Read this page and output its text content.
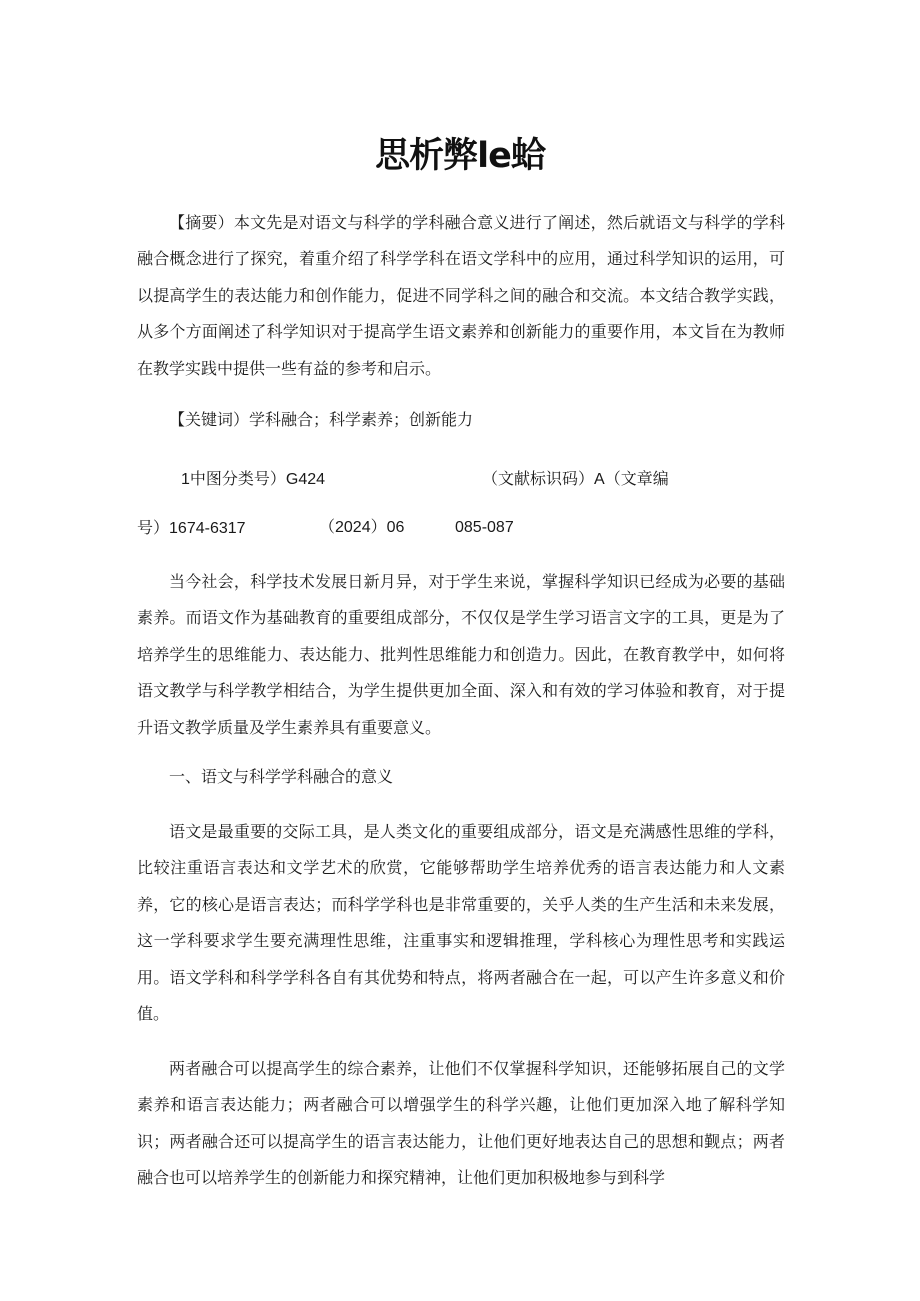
思析弊le蛤

【摘要）本文先是对语文与科学的学科融合意义进行了阐述，然后就语文与科学的学科融合概念进行了探究，着重介绍了科学学科在语文学科中的应用，通过科学知识的运用，可以提高学生的表达能力和创作能力，促进不同学科之间的融合和交流。本文结合教学实践，从多个方面阐述了科学知识对于提高学生语文素养和创新能力的重要作用，本文旨在为教师在教学实践中提供一些有益的参考和启示。

【关键词）学科融合；科学素养；创新能力
1中图分类号）G424	（文献标识码）A（文章编
号）1674-6317	（2024）06	085-087

当今社会，科学技术发展日新月异，对于学生来说，掌握科学知识已经成为必要的基础素养。而语文作为基础教育的重要组成部分，不仅仅是学生学习语言文字的工具，更是为了培养学生的思维能力、表达能力、批判性思维能力和创造力。因此，在教育教学中，如何将语文教学与科学教学相结合，为学生提供更加全面、深入和有效的学习体验和教育，对于提升语文教学质量及学生素养具有重要意义。

一、语文与科学学科融合的意义

语文是最重要的交际工具，是人类文化的重要组成部分，语文是充满感性思维的学科，比较注重语言表达和文学艺术的欣赏，它能够帮助学生培养优秀的语言表达能力和人文素养，它的核心是语言表达；而科学学科也是非常重要的，关乎人类的生产生活和未来发展，这一学科要求学生要充满理性思维，注重事实和逻辑推理，学科核心为理性思考和实践运用。语文学科和科学学科各自有其优势和特点，将两者融合在一起，可以产生许多意义和价值。

两者融合可以提高学生的综合素养，让他们不仅掌握科学知识，还能够拓展自己的文学素养和语言表达能力；两者融合可以增强学生的科学兴趣，让他们更加深入地了解科学知识；两者融合还可以提高学生的语言表达能力，让他们更好地表达自己的思想和觐点；两者融合也可以培养学生的创新能力和探究精神，让他们更加积极地参与到科学
